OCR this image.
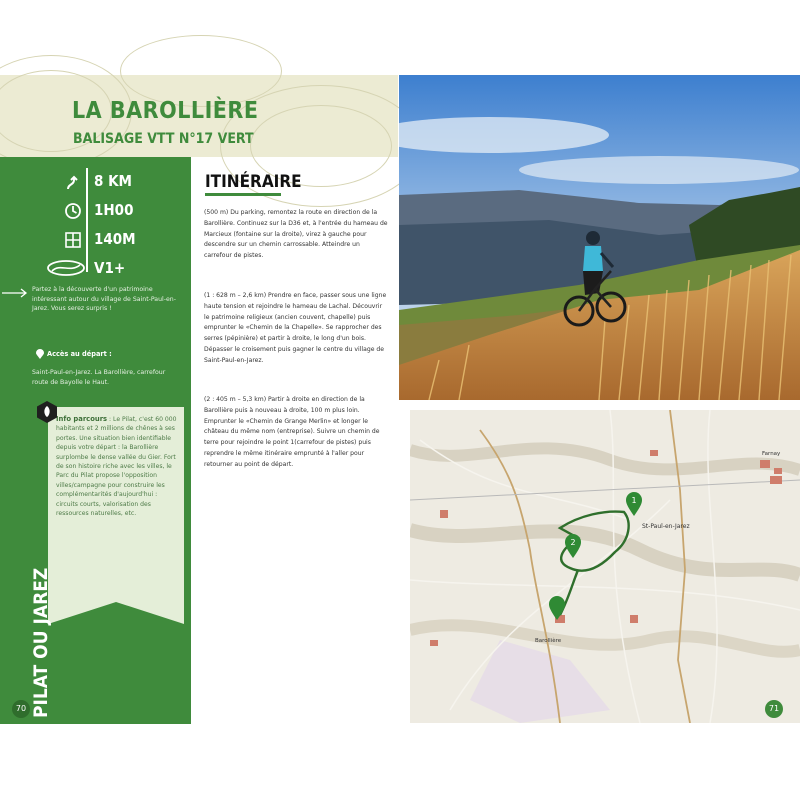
LA BAROLLIÈRE
BALISAGE VTT N°17 VERT
8 KM
1H00
140M
V1+
Partez à la découverte d'un patrimoine intéressant autour du village de Saint-Paul-en-Jarez. Vous serez surpris !
Accès au départ :
Saint-Paul-en-Jarez. La Barollière, carrefour route de Bayolle le Haut.
Info parcours : Le Pilat, c'est 60 000 habitants et 2 millions de chênes à ses portes. Une situation bien identifiable depuis votre départ : la Barollière surplombe le dense vallée du Gier. Fort de son histoire riche avec les villes, le Parc du Pilat propose l'opposition villes/campagne pour construire les complémentarités d'aujourd'hui : circuits courts, valorisation des ressources naturelles, etc.
PILAT OU JAREZ
70
ITINÉRAIRE

(500 m) Du parking, remontez la route en direction de la Barollière. Continuez sur la D36 et, à l'entrée du hameau de Marcieux (fontaine sur la droite), virez à gauche pour descendre sur un chemin carrossable. Atteindre un carrefour de pistes.

(1 : 628 m – 2,6 km) Prendre en face, passer sous une ligne haute tension et rejoindre le hameau de Lachal. Découvrir le patrimoine religieux (ancien couvent, chapelle) puis emprunter le «Chemin de la Chapelle». Se rapprocher des serres (pépinière) et partir à droite, le long d'un bois. Dépasser le croisement puis gagner le centre du village de Saint-Paul-en-Jarez.

(2 : 405 m – 5,3 km) Partir à droite en direction de la Barollière puis à nouveau à droite, 100 m plus loin. Emprunter le «Chemin de Grange Merlin» et longer le château du même nom (entreprise). Suivre un chemin de terre pour rejoindre le point 1(carrefour de pistes) puis reprendre le même itinéraire emprunté à l'aller pour retourner au point de départ.

1
2
St-Paul-en-Jarez
Farnay
Barollière
71
